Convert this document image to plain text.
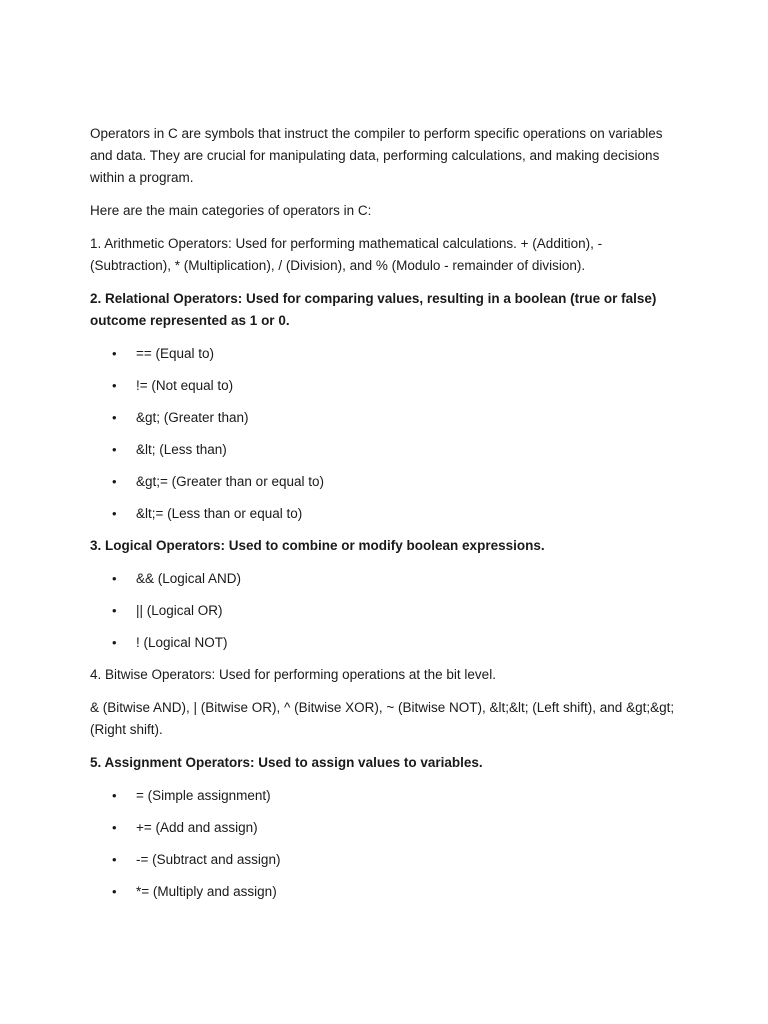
Operators in C are symbols that instruct the compiler to perform specific operations on variables and data. They are crucial for manipulating data, performing calculations, and making decisions within a program.

Here are the main categories of operators in C:

1. Arithmetic Operators: Used for performing mathematical calculations. + (Addition), - (Subtraction), * (Multiplication), / (Division), and % (Modulo - remainder of division).

2. Relational Operators: Used for comparing values, resulting in a boolean (true or false) outcome represented as 1 or 0.

• == (Equal to)
• != (Not equal to)
• &gt; (Greater than)
• &lt; (Less than)
• &gt;= (Greater than or equal to)
• &lt;= (Less than or equal to)

3. Logical Operators: Used to combine or modify boolean expressions.

• && (Logical AND)
• || (Logical OR)
• ! (Logical NOT)

4. Bitwise Operators: Used for performing operations at the bit level.

& (Bitwise AND), | (Bitwise OR), ^ (Bitwise XOR), ~ (Bitwise NOT), &lt;&lt; (Left shift), and &gt;&gt; (Right shift).

5. Assignment Operators: Used to assign values to variables.

• = (Simple assignment)
• += (Add and assign)
• -= (Subtract and assign)
• *= (Multiply and assign)
